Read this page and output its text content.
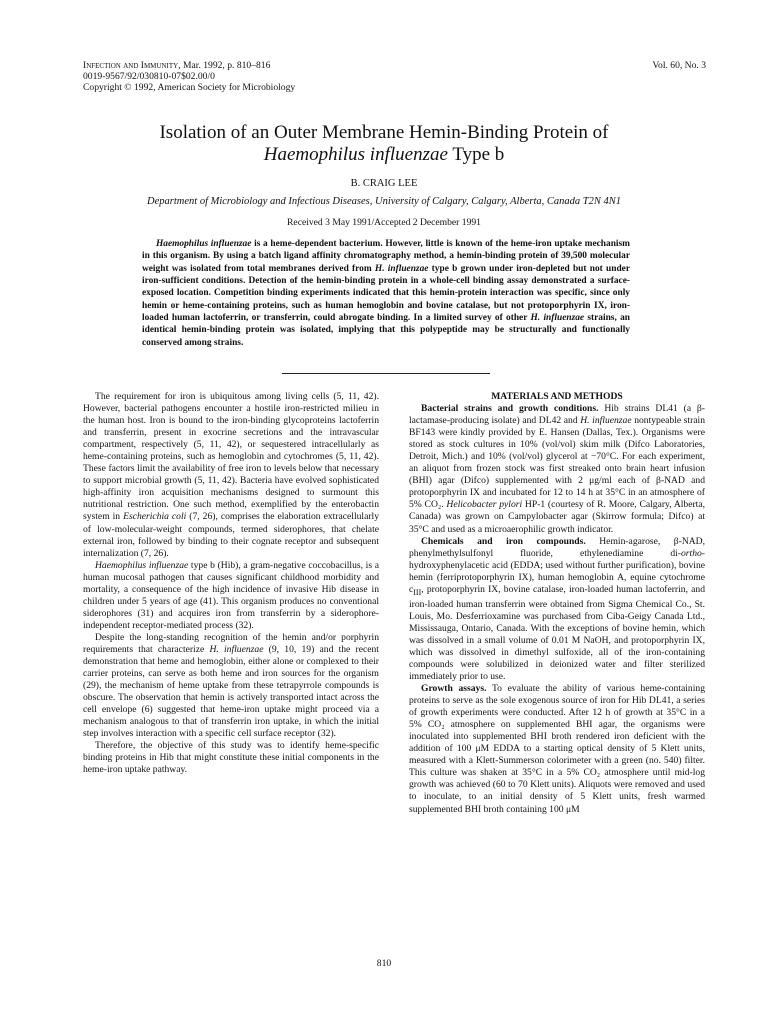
Infection and Immunity, Mar. 1992, p. 810–816
0019-9567/92/030810-07$02.00/0
Copyright © 1992, American Society for Microbiology
Vol. 60, No. 3
Isolation of an Outer Membrane Hemin-Binding Protein of
Haemophilus influenzae Type b
B. CRAIG LEE
Department of Microbiology and Infectious Diseases, University of Calgary, Calgary, Alberta, Canada T2N 4N1
Received 3 May 1991/Accepted 2 December 1991

Haemophilus influenzae is a heme-dependent bacterium. However, little is known of the heme-iron uptake mechanism in this organism. By using a batch ligand affinity chromatography method, a hemin-binding protein of 39,500 molecular weight was isolated from total membranes derived from H. influenzae type b grown under iron-depleted but not under iron-sufficient conditions. Detection of the hemin-binding protein in a whole-cell binding assay demonstrated a surface-exposed location. Competition binding experiments indicated that this hemin-protein interaction was specific, since only hemin or heme-containing proteins, such as human hemoglobin and bovine catalase, but not protoporphyrin IX, iron-loaded human lactoferrin, or transferrin, could abrogate binding. In a limited survey of other H. influenzae strains, an identical hemin-binding protein was isolated, implying that this polypeptide may be structurally and functionally conserved among strains.

The requirement for iron is ubiquitous among living cells (5, 11, 42). However, bacterial pathogens encounter a hostile iron-restricted milieu in the human host. Iron is bound to the iron-binding glycoproteins lactoferrin and transferrin, present in exocrine secretions and the intravascular compartment, respectively (5, 11, 42), or sequestered intracellularly as heme-containing proteins, such as hemoglobin and cytochromes (5, 11, 42). These factors limit the availability of free iron to levels below that necessary to support microbial growth (5, 11, 42). Bacteria have evolved sophisticated high-affinity iron acquisition mechanisms designed to surmount this nutritional restriction. One such method, exemplified by the enterobactin system in Escherichia coli (7, 26), comprises the elaboration extracellularly of low-molecular-weight compounds, termed siderophores, that chelate external iron, followed by binding to their cognate receptor and subsequent internalization (7, 26).

Haemophilus influenzae type b (Hib), a gram-negative coccobacillus, is a human mucosal pathogen that causes significant childhood morbidity and mortality, a consequence of the high incidence of invasive Hib disease in children under 5 years of age (41). This organism produces no conventional siderophores (31) and acquires iron from transferrin by a siderophore-independent receptor-mediated process (32).

Despite the long-standing recognition of the hemin and/or porphyrin requirements that characterize H. influenzae (9, 10, 19) and the recent demonstration that heme and hemoglobin, either alone or complexed to their carrier proteins, can serve as both heme and iron sources for the organism (29), the mechanism of heme uptake from these tetrapyrrole compounds is obscure. The observation that hemin is actively transported intact across the cell envelope (6) suggested that heme-iron uptake might proceed via a mechanism analogous to that of transferrin iron uptake, in which the initial step involves interaction with a specific cell surface receptor (32).

Therefore, the objective of this study was to identify heme-specific binding proteins in Hib that might constitute these initial components in the heme-iron uptake pathway.

MATERIALS AND METHODS

Bacterial strains and growth conditions. Hib strains DL41 (a β-lactamase-producing isolate) and DL42 and H. influenzae nontypeable strain BF143 were kindly provided by E. Hansen (Dallas, Tex.). Organisms were stored as stock cultures in 10% (vol/vol) skim milk (Difco Laboratories, Detroit, Mich.) and 10% (vol/vol) glycerol at −70°C. For each experiment, an aliquot from frozen stock was first streaked onto brain heart infusion (BHI) agar (Difco) supplemented with 2 μg/ml each of β-NAD and protoporphyrin IX and incubated for 12 to 14 h at 35°C in an atmosphere of 5% CO₂. Helicobacter pylori HP-1 (courtesy of R. Moore, Calgary, Alberta, Canada) was grown on Campylobacter agar (Skirrow formula; Difco) at 35°C and used as a microaerophilic growth indicator.

Chemicals and iron compounds. Hemin-agarose, β-NAD, phenylmethylsulfonyl fluoride, ethylenediamine di-ortho-hydroxyphenylacetic acid (EDDA; used without further purification), bovine hemin (ferriprotoporphyrin IX), human hemoglobin A, equine cytochrome $c_{III}$, protoporphyrin IX, bovine catalase, iron-loaded human lactoferrin, and iron-loaded human transferrin were obtained from Sigma Chemical Co., St. Louis, Mo. Desferrioxamine was purchased from Ciba-Geigy Canada Ltd., Mississauga, Ontario, Canada. With the exceptions of bovine hemin, which was dissolved in a small volume of 0.01 M NaOH, and protoporphyrin IX, which was dissolved in dimethyl sulfoxide, all of the iron-containing compounds were solubilized in deionized water and filter sterilized immediately prior to use.

Growth assays. To evaluate the ability of various heme-containing proteins to serve as the sole exogenous source of iron for Hib DL41, a series of growth experiments were conducted. After 12 h of growth at 35°C in a 5% CO₂ atmosphere on supplemented BHI agar, the organisms were inoculated into supplemented BHI broth rendered iron deficient with the addition of 100 μM EDDA to a starting optical density of 5 Klett units, measured with a Klett-Summerson colorimeter with a green (no. 540) filter. This culture was shaken at 35°C in a 5% CO₂ atmosphere until mid-log growth was achieved (60 to 70 Klett units). Aliquots were removed and used to inoculate, to an initial density of 5 Klett units, fresh warmed supplemented BHI broth containing 100 μM

810
